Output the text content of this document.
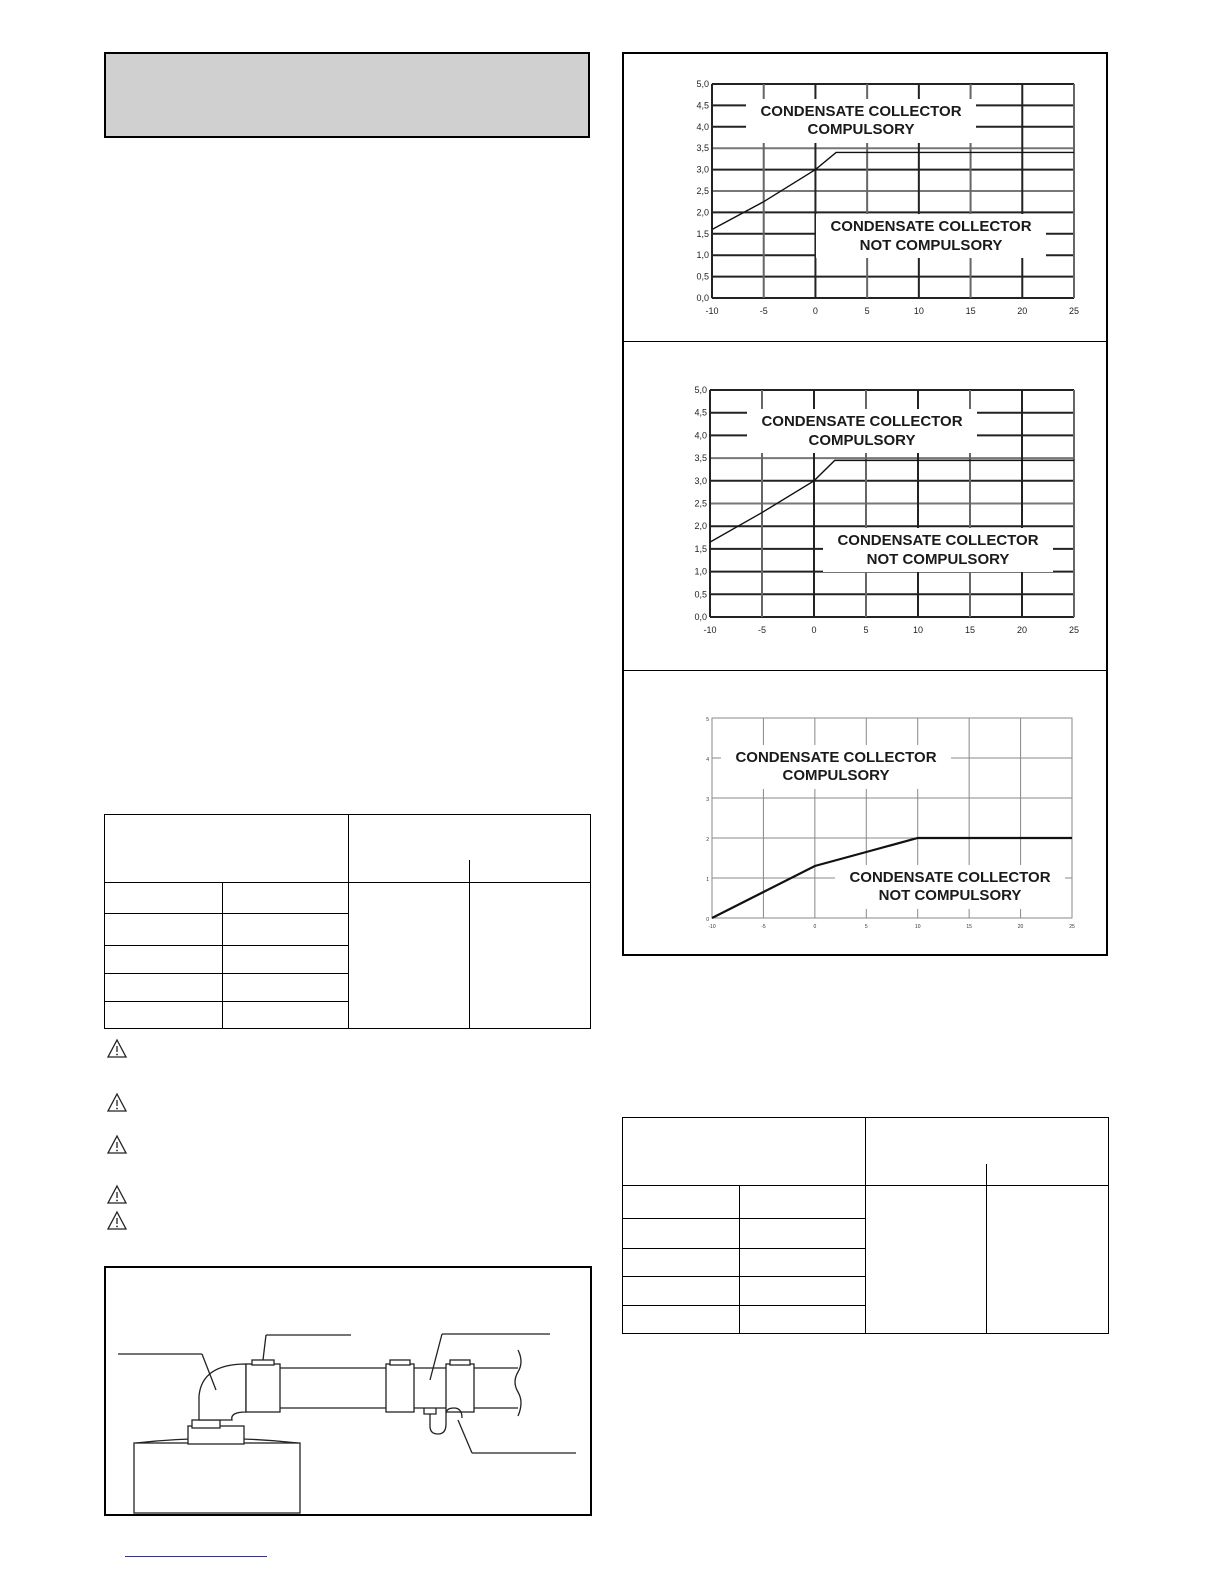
0,0
0,5
1,0
1,5
2,0
2,5
3,0
3,5
4,0
4,5
5,0
-10	-5	0	5	10	15	20	25
CONDENSATE COLLECTOR
COMPULSORY
CONDENSATE COLLECTOR
NOT COMPULSORY
0,0
0,5
1,0
1,5
2,0
2,5
3,0
3,5
4,0
4,5
5,0
-10	-5	0	5	10	15	20	25
CONDENSATE COLLECTOR
COMPULSORY
CONDENSATE COLLECTOR
NOT COMPULSORY
0
1
2
3
4
5
-10	-5	0	5	10	15	20	25
CONDENSATE COLLECTOR
COMPULSORY
CONDENSATE COLLECTOR
NOT COMPULSORY
